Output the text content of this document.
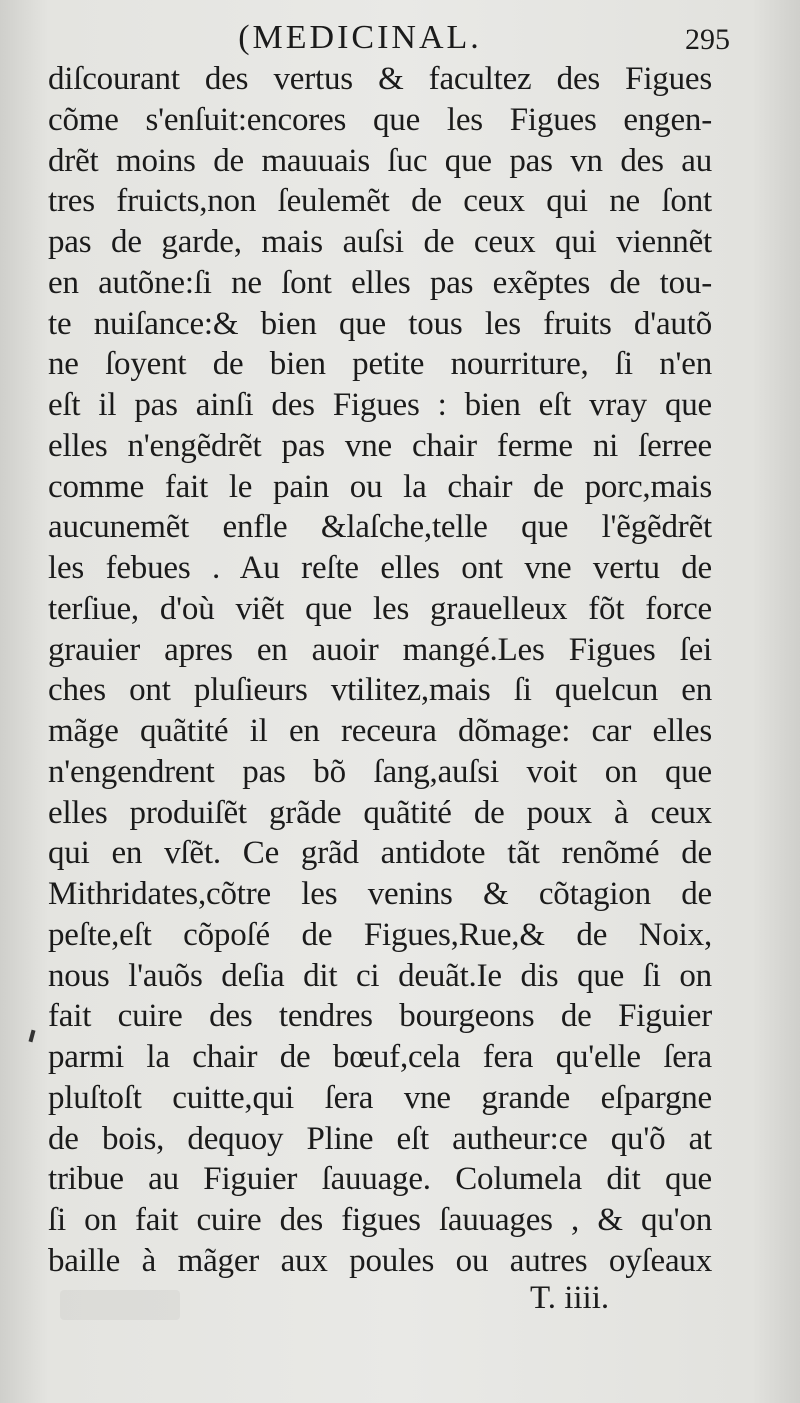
(MEDICINAL.	295
diſcourant des vertus & facultez des Figues
cõme s'enſuit:encores que les Figues engen-
drẽt moins de mauuais ſuc que pas vn des au
tres fruicts,non ſeulemẽt de ceux qui ne ſont
pas de garde, mais auſsi de ceux qui viennẽt
en autõne:ſi ne ſont elles pas exẽptes de tou-
te nuiſance:& bien que tous les fruits d'autõ
ne ſoyent de bien petite nourriture, ſi n'en
eſt il pas ainſi des Figues : bien eſt vray que
elles n'engẽdrẽt pas vne chair ferme ni ſerree
comme fait le pain ou la chair de porc,mais
aucunemẽt enfle &laſche,telle que l'ẽgẽdrẽt
les febues . Au reſte elles ont vne vertu de
terſiue, d'où viẽt que les grauelleux fõt force
grauier apres en auoir mangé.Les Figues ſei
ches ont pluſieurs vtilitez,mais ſi quelcun en
mãge quãtité il en receura dõmage: car elles
n'engendrent pas bõ ſang,auſsi voit on que
elles produiſẽt grãde quãtité de poux à ceux
qui en vſẽt. Ce grãd antidote tãt renõmé de
Mithridates,cõtre les venins & cõtagion de
peſte,eſt cõpoſé de Figues,Rue,& de Noix,
nous l'auõs deſia dit ci deuãt.Ie dis que ſi on
fait cuire des tendres bourgeons de Figuier
parmi la chair de bœuf,cela fera qu'elle ſera
pluſtoſt cuitte,qui ſera vne grande eſpargne
de bois, dequoy Pline eſt autheur:ce qu'õ at
tribue au Figuier ſauuage. Columela dit que
ſi on fait cuire des figues ſauuages , & qu'on
baille à mãger aux poules ou autres oyſeaux
T. iiii.
